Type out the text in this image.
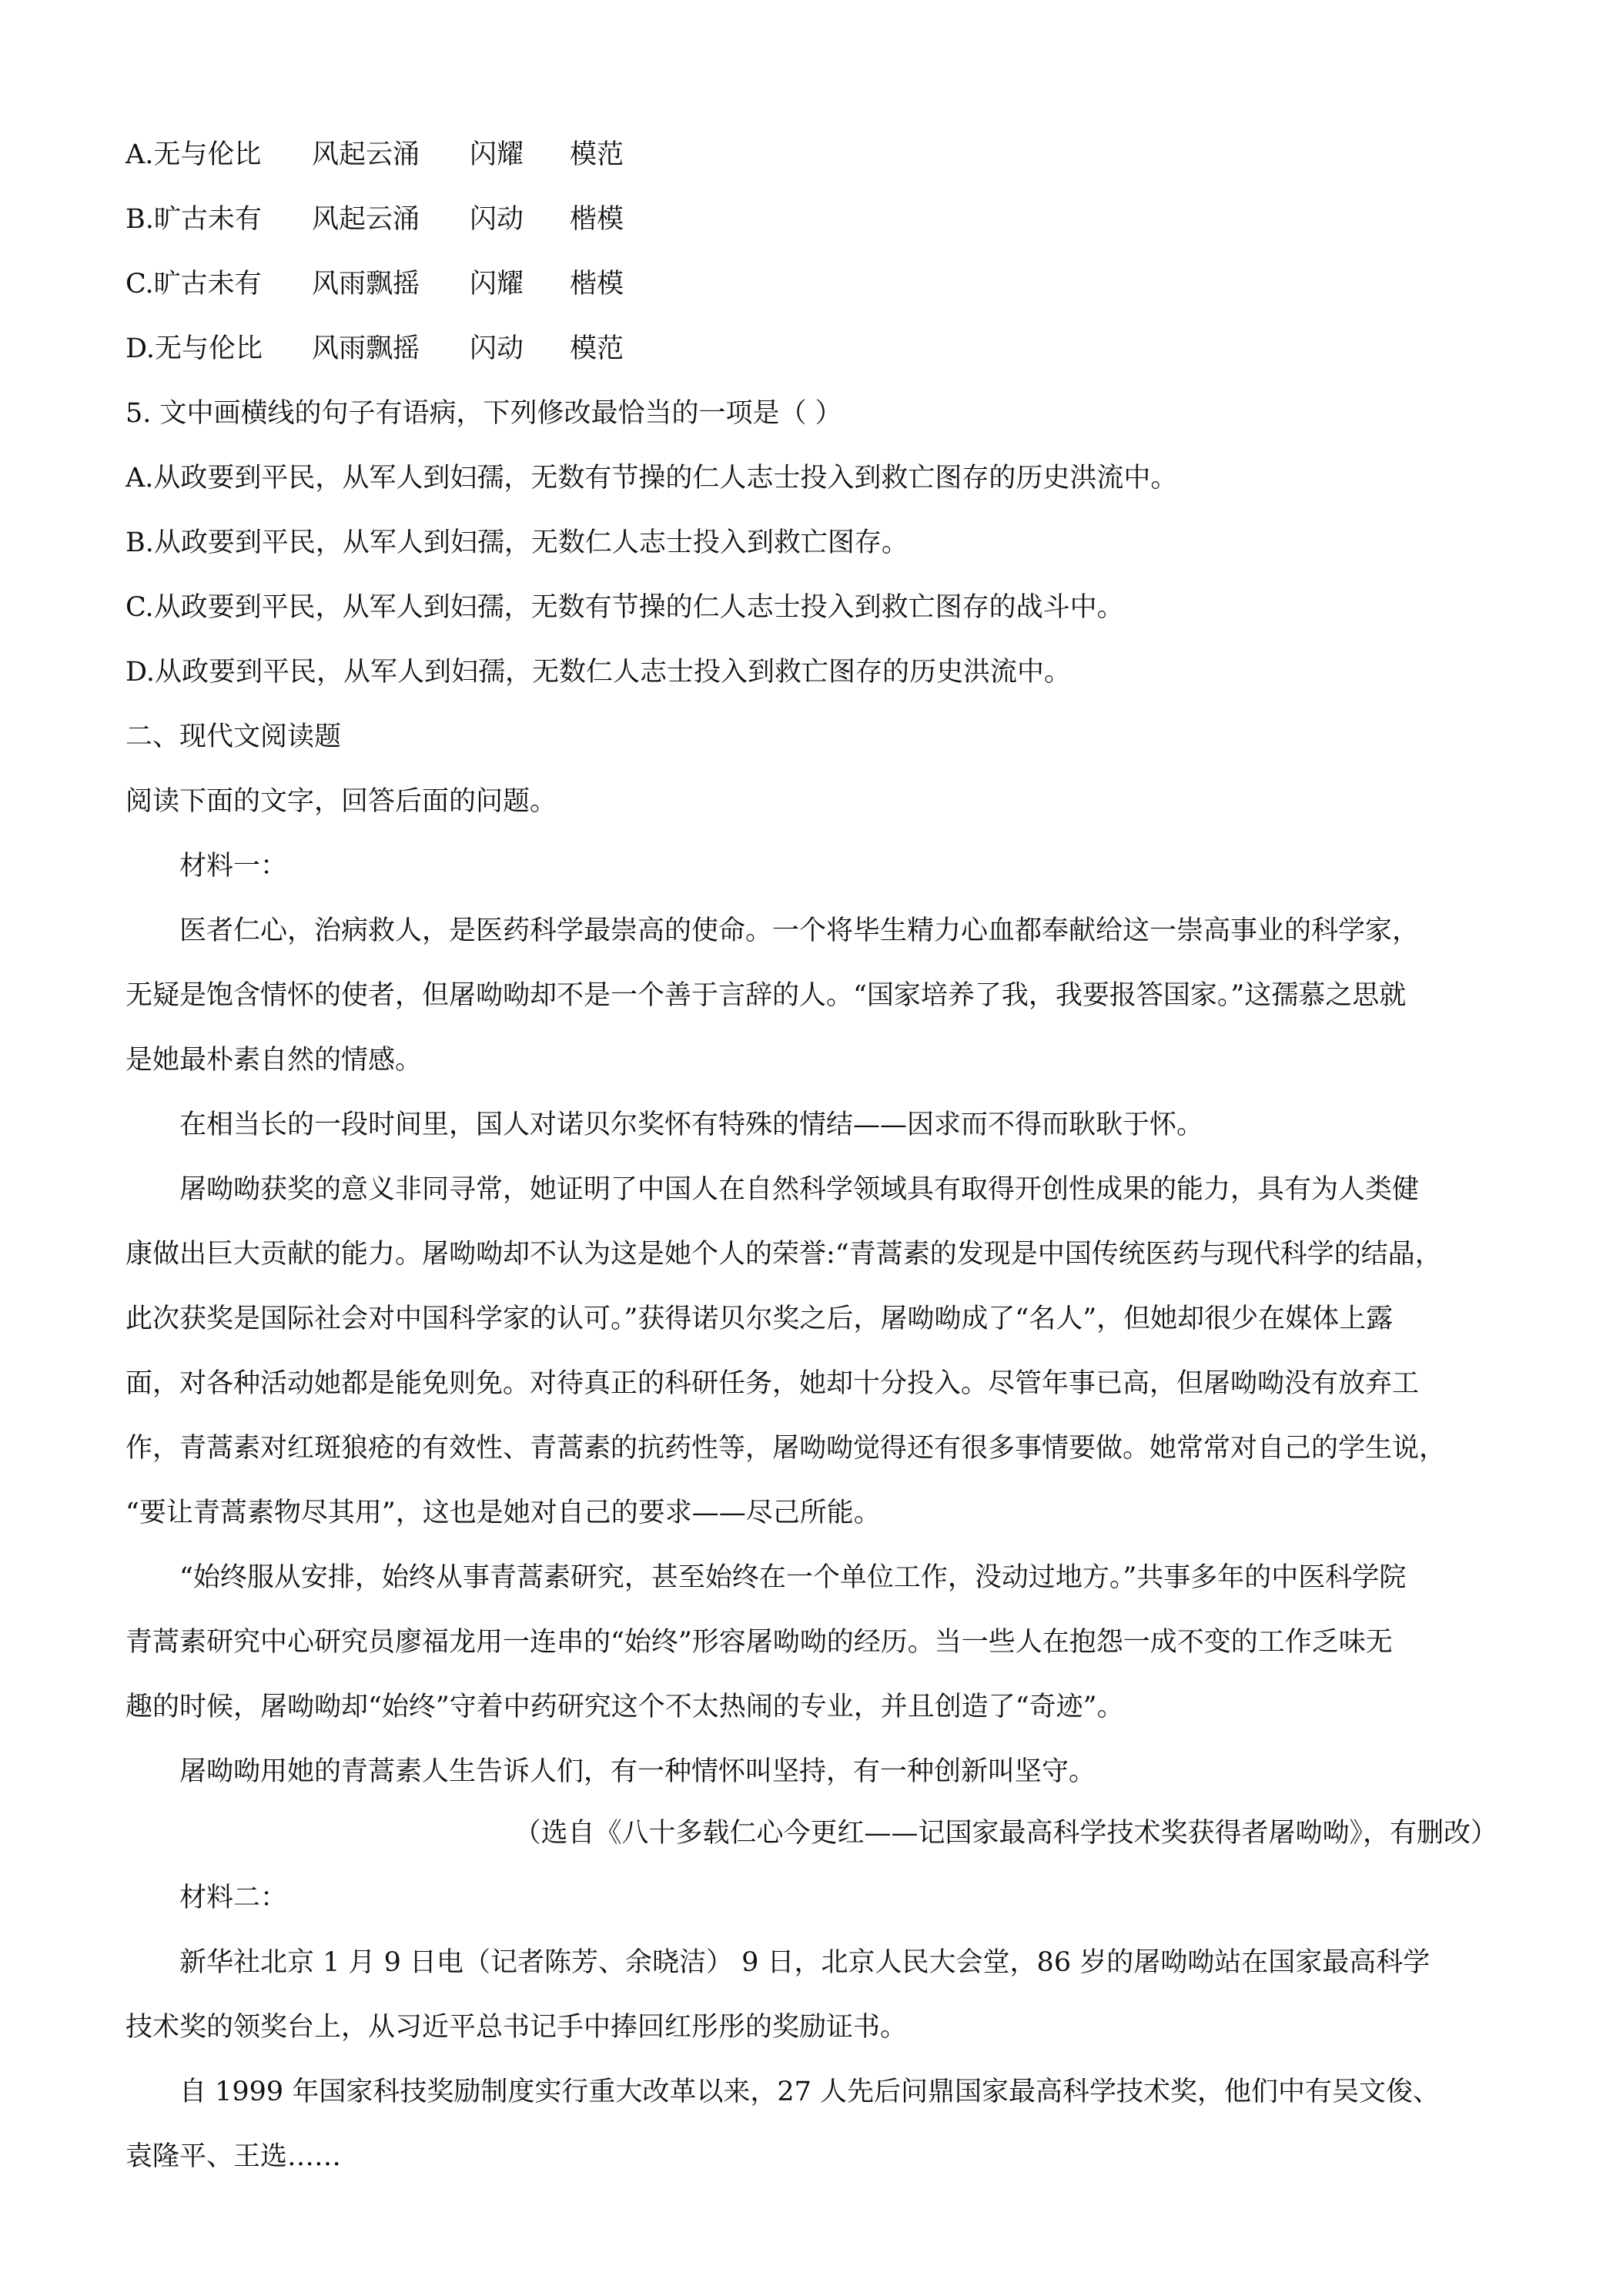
A.无与伦比 风起云涌 闪耀 模范
B.旷古未有 风起云涌 闪动 楷模
C.旷古未有 风雨飘摇 闪耀 楷模
D.无与伦比 风雨飘摇 闪动 模范
5. 文中画横线的句子有语病，下列修改最恰当的一项是（ ）
A.从政要到平民，从军人到妇孺，无数有节操的仁人志士投入到救亡图存的历史洪流中。
B.从政要到平民，从军人到妇孺，无数仁人志士投入到救亡图存。
C.从政要到平民，从军人到妇孺，无数有节操的仁人志士投入到救亡图存的战斗中。
D.从政要到平民，从军人到妇孺，无数仁人志士投入到救亡图存的历史洪流中。
二、现代文阅读题
阅读下面的文字，回答后面的问题。
材料一：
医者仁心，治病救人，是医药科学最崇高的使命。一个将毕生精力心血都奉献给这一崇高事业的科学家，
无疑是饱含情怀的使者，但屠呦呦却不是一个善于言辞的人。“国家培养了我，我要报答国家。”这孺慕之思就
是她最朴素自然的情感。
在相当长的一段时间里，国人对诺贝尔奖怀有特殊的情结——因求而不得而耿耿于怀。
屠呦呦获奖的意义非同寻常，她证明了中国人在自然科学领域具有取得开创性成果的能力，具有为人类健
康做出巨大贡献的能力。屠呦呦却不认为这是她个人的荣誉:“青蒿素的发现是中国传统医药与现代科学的结晶，
此次获奖是国际社会对中国科学家的认可。”获得诺贝尔奖之后，屠呦呦成了“名人”，但她却很少在媒体上露
面，对各种活动她都是能免则免。对待真正的科研任务，她却十分投入。尽管年事已高，但屠呦呦没有放弃工
作，青蒿素对红斑狼疮的有效性、青蒿素的抗药性等，屠呦呦觉得还有很多事情要做。她常常对自己的学生说，
“要让青蒿素物尽其用”，这也是她对自己的要求——尽己所能。
“始终服从安排，始终从事青蒿素研究，甚至始终在一个单位工作，没动过地方。”共事多年的中医科学院
青蒿素研究中心研究员廖福龙用一连串的“始终”形容屠呦呦的经历。当一些人在抱怨一成不变的工作乏味无
趣的时候，屠呦呦却“始终”守着中药研究这个不太热闹的专业，并且创造了“奇迹”。
屠呦呦用她的青蒿素人生告诉人们，有一种情怀叫坚持，有一种创新叫坚守。
（选自《八十多载仁心今更红——记国家最高科学技术奖获得者屠呦呦》，有删改）
材料二：
新华社北京 1 月 9 日电（记者陈芳、余晓洁） 9 日，北京人民大会堂，86 岁的屠呦呦站在国家最高科学
技术奖的领奖台上，从习近平总书记手中捧回红彤彤的奖励证书。
自 1999 年国家科技奖励制度实行重大改革以来，27 人先后问鼎国家最高科学技术奖，他们中有吴文俊、
袁隆平、王选……
